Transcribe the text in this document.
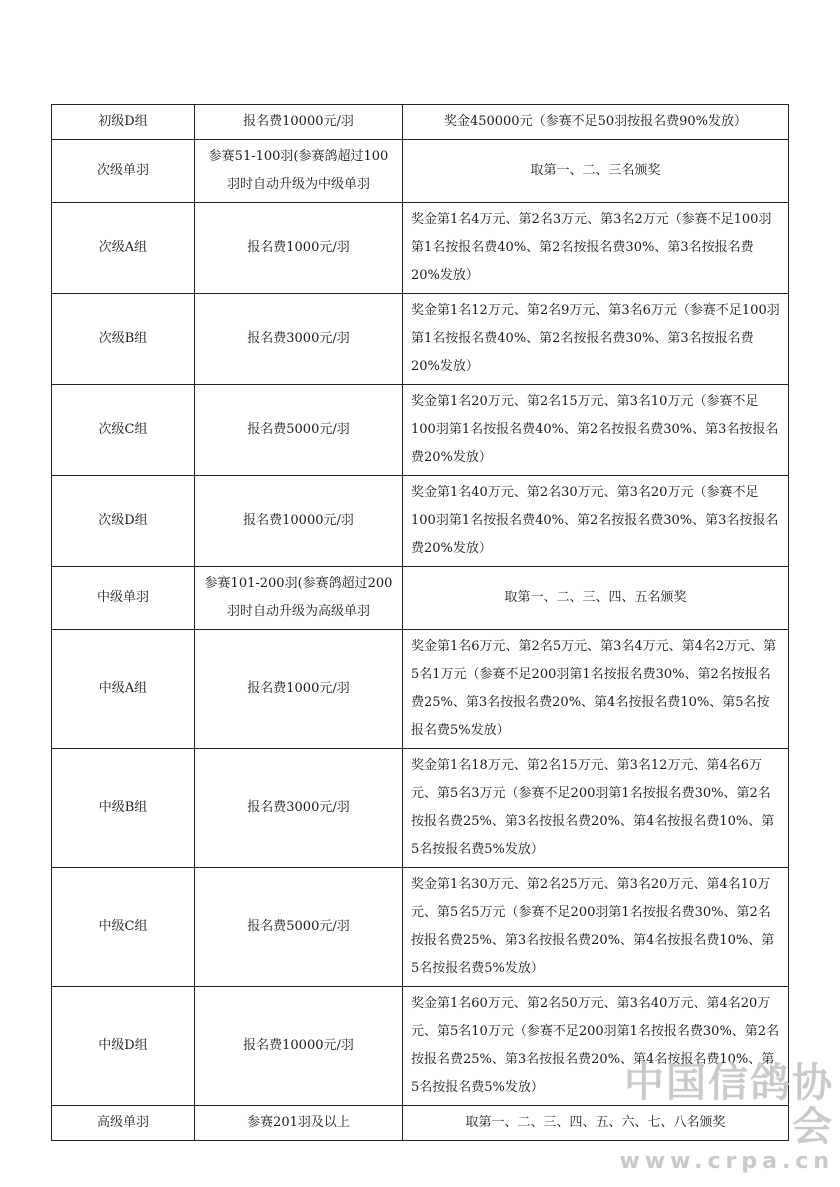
初级D组	报名费10000元/羽	奖金450000元（参赛不足50羽按报名费90%发放）
次级单羽	参赛51-100羽(参赛鸽超过100羽时自动升级为中级单羽	取第一、二、三名颁奖
次级A组	报名费1000元/羽	奖金第1名4万元、第2名3万元、第3名2万元（参赛不足100羽第1名按报名费40%、第2名按报名费30%、第3名按报名费20%发放）
次级B组	报名费3000元/羽	奖金第1名12万元、第2名9万元、第3名6万元（参赛不足100羽第1名按报名费40%、第2名按报名费30%、第3名按报名费20%发放）
次级C组	报名费5000元/羽	奖金第1名20万元、第2名15万元、第3名10万元（参赛不足100羽第1名按报名费40%、第2名按报名费30%、第3名按报名费20%发放）
次级D组	报名费10000元/羽	奖金第1名40万元、第2名30万元、第3名20万元（参赛不足100羽第1名按报名费40%、第2名按报名费30%、第3名按报名费20%发放）
中级单羽	参赛101-200羽(参赛鸽超过200羽时自动升级为高级单羽	取第一、二、三、四、五名颁奖
中级A组	报名费1000元/羽	奖金第1名6万元、第2名5万元、第3名4万元、第4名2万元、第5名1万元（参赛不足200羽第1名按报名费30%、第2名按报名费25%、第3名按报名费20%、第4名按报名费10%、第5名按报名费5%发放）
中级B组	报名费3000元/羽	奖金第1名18万元、第2名15万元、第3名12万元、第4名6万元、第5名3万元（参赛不足200羽第1名按报名费30%、第2名按报名费25%、第3名按报名费20%、第4名按报名费10%、第5名按报名费5%发放）
中级C组	报名费5000元/羽	奖金第1名30万元、第2名25万元、第3名20万元、第4名10万元、第5名5万元（参赛不足200羽第1名按报名费30%、第2名按报名费25%、第3名按报名费20%、第4名按报名费10%、第5名按报名费5%发放）
中级D组	报名费10000元/羽	奖金第1名60万元、第2名50万元、第3名40万元、第4名20万元、第5名10万元（参赛不足200羽第1名按报名费30%、第2名按报名费25%、第3名按报名费20%、第4名按报名费10%、第5名按报名费5%发放）
高级单羽	参赛201羽及以上	取第一、二、三、四、五、六、七、八名颁奖
中国信鸽协会
www.crpa.cn
